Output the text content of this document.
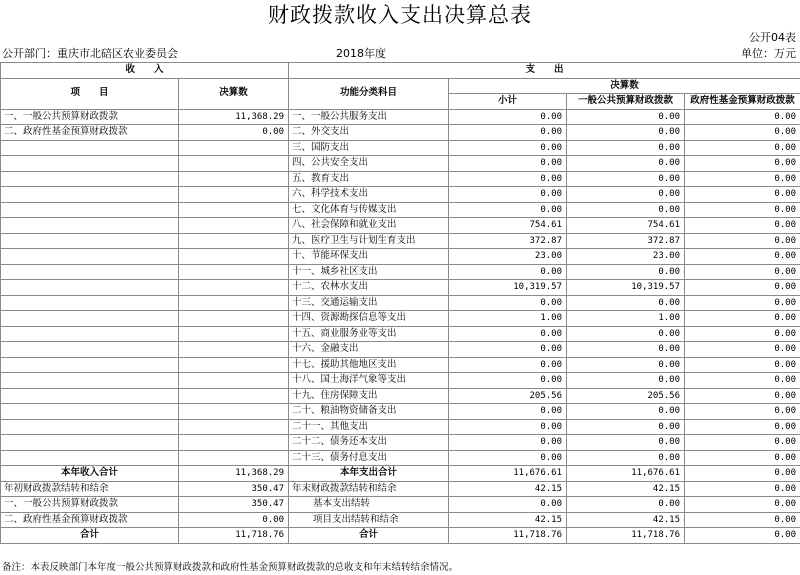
财政拨款收入支出决算总表
公开04表
公开部门：重庆市北碚区农业委员会	2018年度	单位：万元
收　　入		支　　出			
项　　目	决算数	功能分类科目	决算数		
			小计	一般公共预算财政拨款	政府性基金预算财政拨款
一、一般公共预算财政拨款	11,368.29	一、一般公共服务支出	0.00	0.00	0.00
二、政府性基金预算财政拨款	0.00	二、外交支出	0.00	0.00	0.00
		三、国防支出	0.00	0.00	0.00
		四、公共安全支出	0.00	0.00	0.00
		五、教育支出	0.00	0.00	0.00
		六、科学技术支出	0.00	0.00	0.00
		七、文化体育与传媒支出	0.00	0.00	0.00
		八、社会保障和就业支出	754.61	754.61	0.00
		九、医疗卫生与计划生育支出	372.87	372.87	0.00
		十、节能环保支出	23.00	23.00	0.00
		十一、城乡社区支出	0.00	0.00	0.00
		十二、农林水支出	10,319.57	10,319.57	0.00
		十三、交通运输支出	0.00	0.00	0.00
		十四、资源勘探信息等支出	1.00	1.00	0.00
		十五、商业服务业等支出	0.00	0.00	0.00
		十六、金融支出	0.00	0.00	0.00
		十七、援助其他地区支出	0.00	0.00	0.00
		十八、国土海洋气象等支出	0.00	0.00	0.00
		十九、住房保障支出	205.56	205.56	0.00
		二十、粮油物资储备支出	0.00	0.00	0.00
		二十一、其他支出	0.00	0.00	0.00
		二十二、债务还本支出	0.00	0.00	0.00
		二十三、债务付息支出	0.00	0.00	0.00
本年收入合计	11,368.29	本年支出合计	11,676.61	11,676.61	0.00
年初财政拨款结转和结余	350.47	年末财政拨款结转和结余	42.15	42.15	0.00
一、一般公共预算财政拨款	350.47	基本支出结转	0.00	0.00	0.00
二、政府性基金预算财政拨款	0.00	项目支出结转和结余	42.15	42.15	0.00
合计	11,718.76	合计	11,718.76	11,718.76	0.00
备注：本表反映部门本年度一般公共预算财政拨款和政府性基金预算财政拨款的总收支和年末结转结余情况。
